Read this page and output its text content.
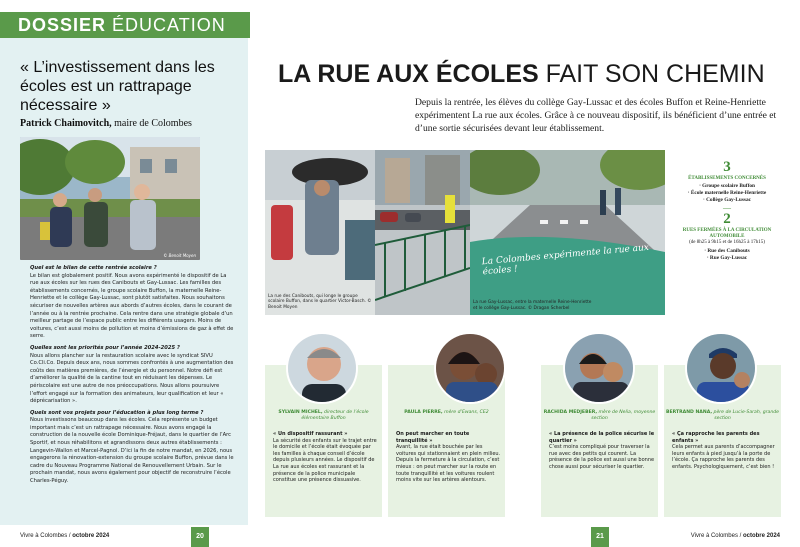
DOSSIER ÉDUCATION
« L’investissement dans les écoles est un rattrapage nécessaire »
Patrick Chaimovitch, maire de Colombes
© Benoit Moyen
Quel est le bilan de cette rentrée scolaire ?
Le bilan est globalement positif. Nous avons expérimenté le dispositif de La rue aux écoles sur les rues des Canibouts et Gay-Lussac. Les familles des établissements concernés, le groupe scolaire Buffon, la maternelle Reine-Henriette et le collège Gay-Lussac, sont plutôt satisfaites. Nous souhaitons sécuriser de nouvelles artères aux abords d’autres écoles, dans le courant de l’année ou à la rentrée prochaine. Cela rentre dans une stratégie globale d’un meilleur partage de l’espace public entre les différents usagers. Moins de voitures, c’est aussi moins de pollution et moins d’émissions de gaz à effet de serre.
Quelles sont les priorités pour l’année 2024-2025 ?
Nous allons plancher sur la restauration scolaire avec le syndicat SIVU Co.Cli.Co. Depuis deux ans, nous sommes confrontés à une augmentation des coûts des matières premières, de l’énergie et du personnel. Notre défi est d’améliorer la qualité de la cantine tout en réduisant les dépenses. Le périscolaire est une autre de nos préoccupations. Nous allons poursuivre l’effort engagé sur la formation des animateurs, leur qualification et leur « déprécarisation ».
Quels sont vos projets pour l’éducation à plus long terme ?
Nous investissons beaucoup dans les écoles. Cela représente un budget important mais c’est un rattrapage nécessaire. Nous avons engagé la construction de la nouvelle école Dominique-Fréjaut, dans le quartier de l’Arc Sportif, et nous réhabilitons et agrandissons deux autres établissements : Langevin-Wallon et Marcel-Pagnol. D’ici la fin de notre mandat, en 2026, nous engagerons la rénovation-extension du groupe scolaire Buffon, prévue dans le cadre du Nouveau Programme National de Renouvellement Urbain. Sur le prochain mandat, nous avons également pour objectif de reconstruire l’école Charles-Péguy.
LA RUE AUX ÉCOLES FAIT SON CHEMIN
Depuis la rentrée, les élèves du collège Gay-Lussac et des écoles Buffon et Reine-Henriette expérimentent La rue aux écoles. Grâce à ce nouveau dispositif, ils bénéficient d’une entrée et d’une sortie sécurisées devant leur établissement.
La rue des Canibouts, qui longe le groupe scolaire Buffon, dans le quartier Victor-Basch. © Benoit Moyen
La Colombes expérimente la rue aux écoles !
La rue Gay-Lussac, entre la maternelle Reine-Henriette et le collège Gay-Lussac. © Dragan Scherbel
3
ÉTABLISSEMENTS CONCERNÉS
· Groupe scolaire Buffon
· École maternelle Reine-Henriette
· Collège Gay-Lussac
—
2
RUES FERMÉES À LA CIRCULATION AUTOMOBILE
(de 8h25 à 9h15 et de 16h25 à 17h15)
· Rue des Canibouts
· Rue Gay-Lussac
SYLVAIN MICHEL, directeur de l’école élémentaire Buffon
« Un dispositif rassurant »
La sécurité des enfants sur le trajet entre le domicile et l’école était évoquée par les familles à chaque conseil d’école depuis plusieurs années. Le dispositif de La rue aux écoles est rassurant et la présence de la police municipale constitue une présence dissuasive.
PAULA PIERRE, mère d’Ewans, CE2
On peut marcher en toute tranquillité »
Avant, la rue était bouchée par les voitures qui stationnaient en plein milieu. Depuis la fermeture à la circulation, c’est mieux : on peut marcher sur la route en toute tranquillité et les voitures roulent moins vite sur les artères alentours.
RACHIDA MEDJEBER, mère de Nelia, moyenne section
« La présence de la police sécurise le quartier »
C’est moins compliqué pour traverser la rue avec des petits qui courent. La présence de la police est aussi une bonne chose aussi pour sécuriser le quartier.
BERTRAND NANA, père de Lucie-Sarah, grande section
« Ça rapproche les parents des enfants »
Cela permet aux parents d’accompagner leurs enfants à pied jusqu’à la porte de l’école. Ça rapproche les parents des enfants. Psychologiquement, c’est bien !
Vivre à Colombes / octobre 2024	20	21	Vivre à Colombes / octobre 2024
